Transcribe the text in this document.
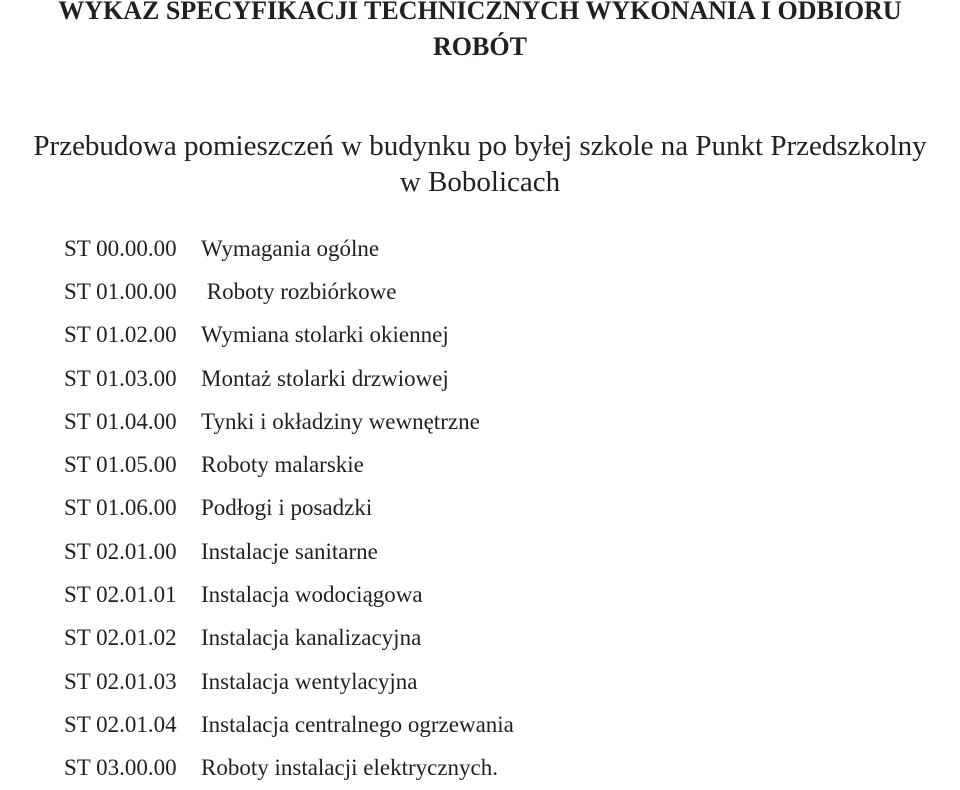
WYKAZ SPECYFIKACJI TECHNICZNYCH WYKONANIA I ODBIORU
ROBÓT
Przebudowa pomieszczeń w budynku po byłej szkole na Punkt Przedszkolny
w Bobolicach
ST 00.00.00	Wymagania ogólne
ST 01.00.00	Roboty rozbiórkowe
ST 01.02.00	Wymiana stolarki okiennej
ST 01.03.00	Montaż stolarki drzwiowej
ST 01.04.00	Tynki i okładziny wewnętrzne
ST 01.05.00	Roboty malarskie
ST 01.06.00	Podłogi i posadzki
ST 02.01.00	Instalacje sanitarne
ST 02.01.01	Instalacja wodociągowa
ST 02.01.02	Instalacja kanalizacyjna
ST 02.01.03	Instalacja wentylacyjna
ST 02.01.04	Instalacja centralnego ogrzewania
ST 03.00.00	Roboty instalacji elektrycznych.
